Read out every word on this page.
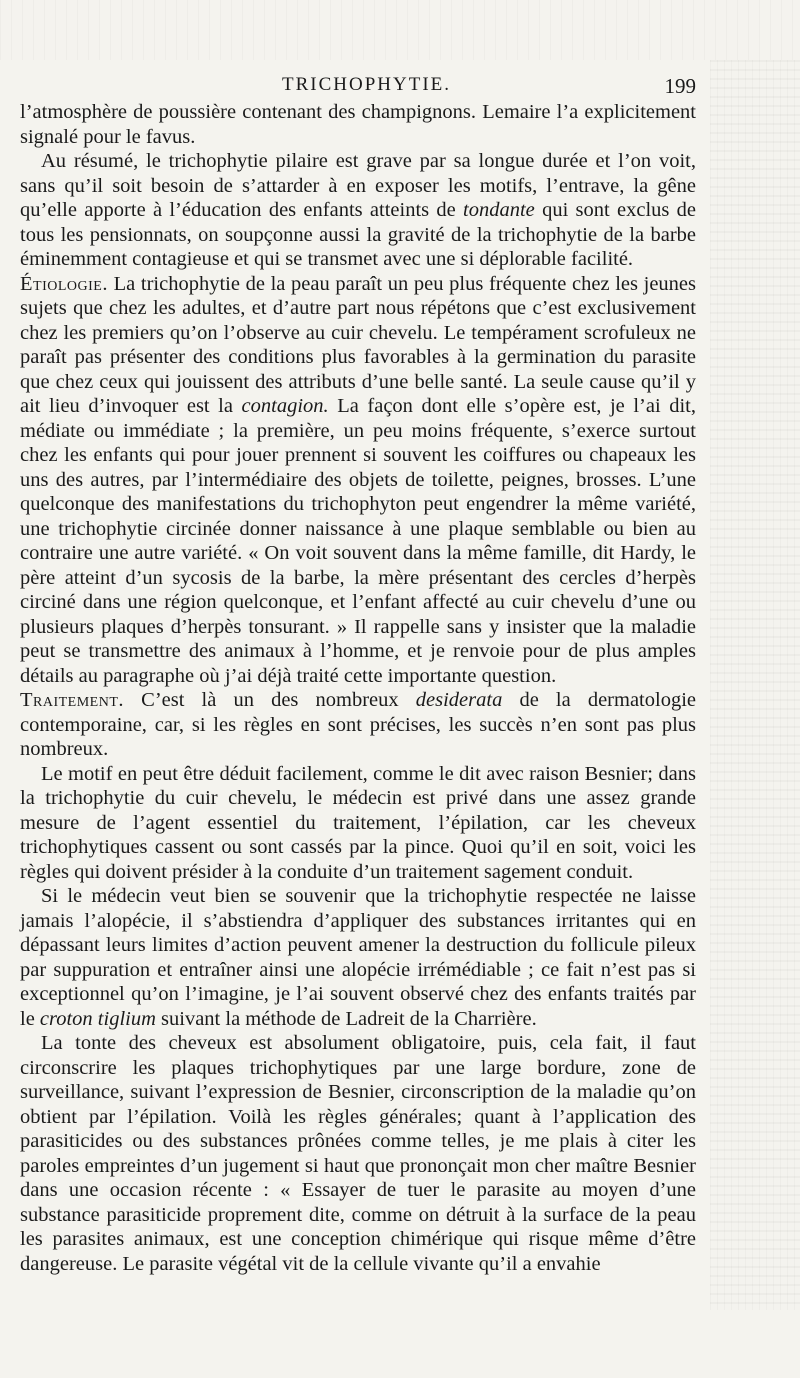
TRICHOPHYTIE.	199

l’atmosphère de poussière contenant des champignons. Lemaire l’a explicitement signalé pour le favus.

Au résumé, le trichophytie pilaire est grave par sa longue durée et l’on voit, sans qu’il soit besoin de s’attarder à en exposer les motifs, l’entrave, la gêne qu’elle apporte à l’éducation des enfants atteints de tondante qui sont exclus de tous les pensionnats, on soupçonne aussi la gravité de la trichophytie de la barbe éminemment contagieuse et qui se transmet avec une si déplorable facilité.

Étiologie. La trichophytie de la peau paraît un peu plus fréquente chez les jeunes sujets que chez les adultes, et d’autre part nous répétons que c’est exclusivement chez les premiers qu’on l’observe au cuir chevelu. Le tempérament scrofuleux ne paraît pas présenter des conditions plus favorables à la germination du parasite que chez ceux qui jouissent des attributs d’une belle santé. La seule cause qu’il y ait lieu d’invoquer est la contagion. La façon dont elle s’opère est, je l’ai dit, médiate ou immédiate ; la première, un peu moins fréquente, s’exerce surtout chez les enfants qui pour jouer prennent si souvent les coiffures ou chapeaux les uns des autres, par l’intermédiaire des objets de toilette, peignes, brosses. L’une quelconque des manifestations du trichophyton peut engendrer la même variété, une trichophytie circinée donner naissance à une plaque semblable ou bien au contraire une autre variété. « On voit souvent dans la même famille, dit Hardy, le père atteint d’un sycosis de la barbe, la mère présentant des cercles d’herpès circiné dans une région quelconque, et l’enfant affecté au cuir chevelu d’une ou plusieurs plaques d’herpès tonsurant. » Il rappelle sans y insister que la maladie peut se transmettre des animaux à l’homme, et je renvoie pour de plus amples détails au paragraphe où j’ai déjà traité cette importante question.

Traitement. C’est là un des nombreux desiderata de la dermatologie contemporaine, car, si les règles en sont précises, les succès n’en sont pas plus nombreux.

Le motif en peut être déduit facilement, comme le dit avec raison Besnier; dans la trichophytie du cuir chevelu, le médecin est privé dans une assez grande mesure de l’agent essentiel du traitement, l’épilation, car les cheveux trichophytiques cassent ou sont cassés par la pince. Quoi qu’il en soit, voici les règles qui doivent présider à la conduite d’un traitement sagement conduit.

Si le médecin veut bien se souvenir que la trichophytie respectée ne laisse jamais l’alopécie, il s’abstiendra d’appliquer des substances irritantes qui en dépassant leurs limites d’action peuvent amener la destruction du follicule pileux par suppuration et entraîner ainsi une alopécie irrémédiable ; ce fait n’est pas si exceptionnel qu’on l’imagine, je l’ai souvent observé chez des enfants traités par le croton tiglium suivant la méthode de Ladreit de la Charrière.

La tonte des cheveux est absolument obligatoire, puis, cela fait, il faut circonscrire les plaques trichophytiques par une large bordure, zone de surveillance, suivant l’expression de Besnier, circonscription de la maladie qu’on obtient par l’épilation. Voilà les règles générales; quant à l’application des parasiticides ou des substances prônées comme telles, je me plais à citer les paroles empreintes d’un jugement si haut que prononçait mon cher maître Besnier dans une occasion récente : « Essayer de tuer le parasite au moyen d’une substance parasiticide proprement dite, comme on détruit à la surface de la peau les parasites animaux, est une conception chimérique qui risque même d’être dangereuse. Le parasite végétal vit de la cellule vivante qu’il a envahie
